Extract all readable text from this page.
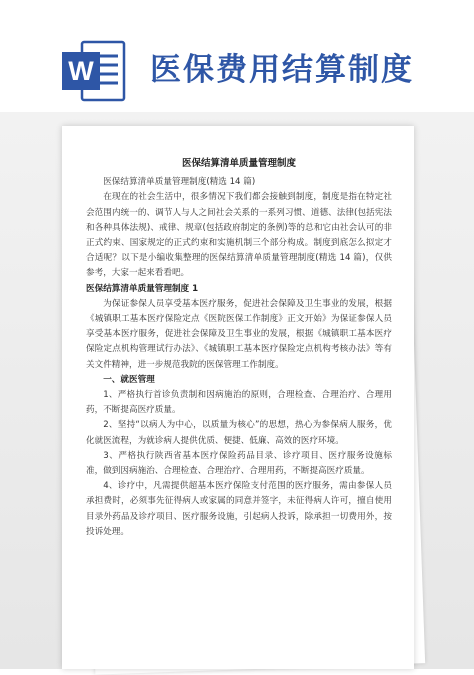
W 医保费用结算制度
医保结算清单质量管理制度

医保结算清单质量管理制度(精选 14 篇)

在现在的社会生活中，很多情况下我们都会接触到制度，制度是指在特定社会范围内统一的、调节人与人之间社会关系的一系列习惯、道德、法律(包括宪法和各种具体法规)、戒律、规章(包括政府制定的条例)等的总和它由社会认可的非正式约束、国家规定的正式约束和实施机制三个部分构成。制度到底怎么拟定才合适呢？以下是小编收集整理的医保结算清单质量管理制度(精选 14 篇)，仅供参考，大家一起来看看吧。

医保结算清单质量管理制度 1

为保证参保人员享受基本医疗服务，促进社会保障及卫生事业的发展，根据《城镇职工基本医疗保险定点《医院医保工作制度》正文开始》为保证参保人员享受基本医疗服务，促进社会保障及卫生事业的发展，根据《城镇职工基本医疗保险定点机构管理试行办法》、《城镇职工基本医疗保险定点机构考核办法》等有关文件精神，进一步规范我院的医保管理工作制度。

一、就医管理

1、严格执行首诊负责制和因病施治的原则，合理检查、合理治疗、合理用药，不断提高医疗质量。

2、坚持“以病人为中心，以质量为核心”的思想，热心为参保病人服务，优化就医流程，为就诊病人提供优质、便捷、低廉、高效的医疗环境。

3、严格执行陕西省基本医疗保险药品目录、诊疗项目、医疗服务设施标准，做到因病施治、合理检查、合理治疗、合理用药，不断提高医疗质量。

4、诊疗中，凡需提供超基本医疗保险支付范围的医疗服务，需由参保人员承担费时，必须事先征得病人或家属的同意并签字，未征得病人许可，擅自使用目录外药品及诊疗项目、医疗服务设施，引起病人投诉，除承担一切费用外，按投诉处理。
